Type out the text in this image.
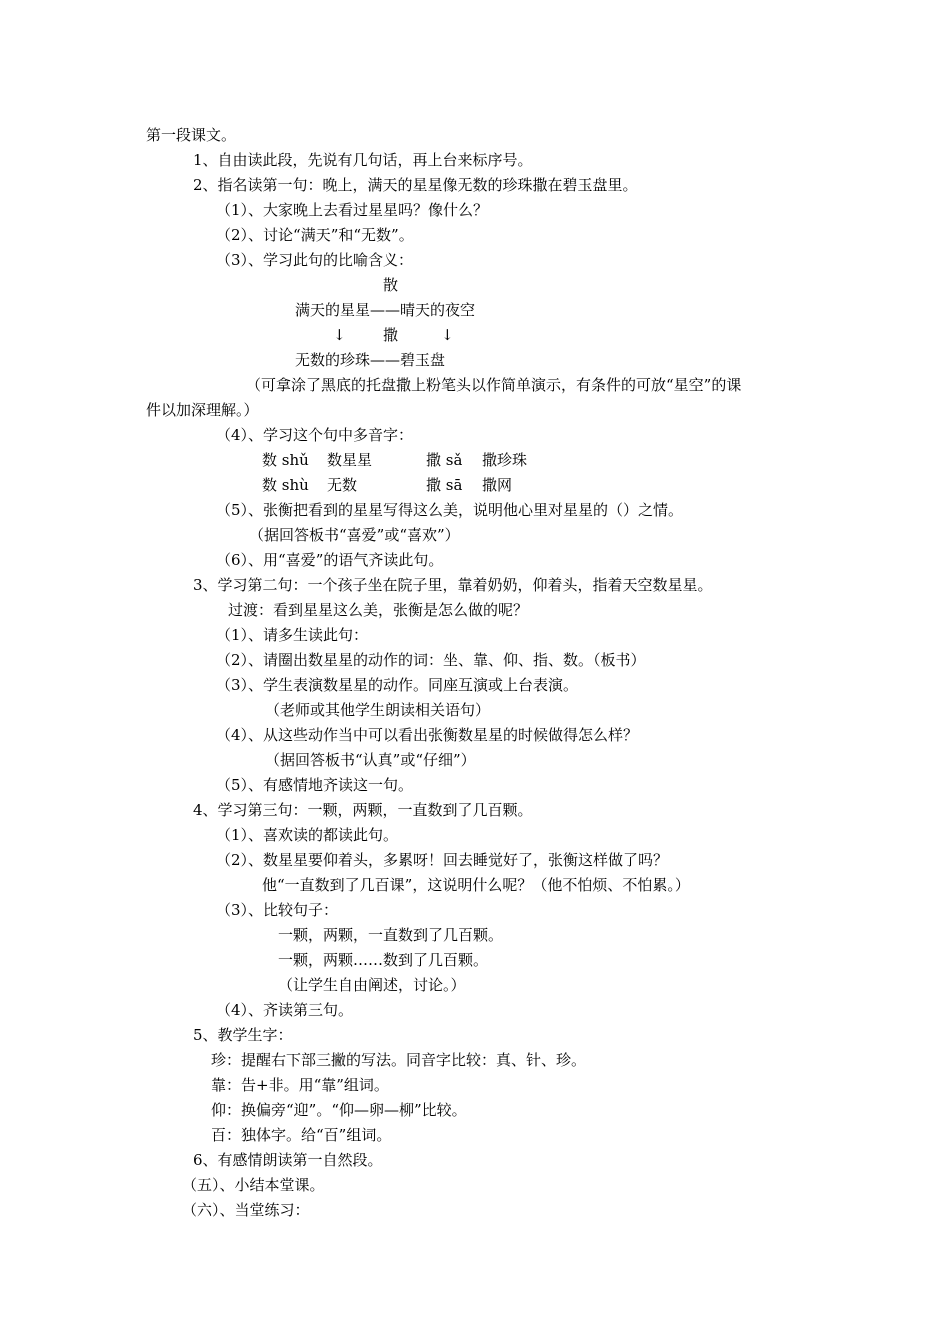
第一段课文。
1、自由读此段，先说有几句话，再上台来标序号。
2、指名读第一句：晚上，满天的星星像无数的珍珠撒在碧玉盘里。
（1）、大家晚上去看过星星吗？像什么？
（2）、讨论“满天”和“无数”。
（3）、学习此句的比喻含义：
散
满天的星星——晴天的夜空
↓ 撒	↓
无数的珍珠——碧玉盘
（可拿涂了黑底的托盘撒上粉笔头以作简单演示，有条件的可放“星空”的课
件以加深理解。）
（4）、学习这个句中多音字：
数 shǔ 数星星	撒 sǎ 撒珍珠
数 shù 无数	撒 sā 撒网
（5）、张衡把看到的星星写得这么美，说明他心里对星星的（）之情。
（据回答板书“喜爱”或“喜欢”）
（6）、用“喜爱”的语气齐读此句。
3、学习第二句：一个孩子坐在院子里，靠着奶奶，仰着头，指着天空数星星。
过渡：看到星星这么美，张衡是怎么做的呢？
（1）、请多生读此句：
（2）、请圈出数星星的动作的词：坐、靠、仰、指、数。（板书）
（3）、学生表演数星星的动作。同座互演或上台表演。
（老师或其他学生朗读相关语句）
（4）、从这些动作当中可以看出张衡数星星的时候做得怎么样？
（据回答板书“认真”或“仔细”）
（5）、有感情地齐读这一句。
4、学习第三句：一颗，两颗，一直数到了几百颗。
（1）、喜欢读的都读此句。
（2）、数星星要仰着头，多累呀！回去睡觉好了，张衡这样做了吗？
他“一直数到了几百课”，这说明什么呢？（他不怕烦、不怕累。）
（3）、比较句子：
一颗，两颗，一直数到了几百颗。
一颗，两颗……数到了几百颗。
（让学生自由阐述，讨论。）
（4）、齐读第三句。
5、教学生字：
珍：提醒右下部三撇的写法。同音字比较：真、针、珍。
靠：告+非。用“靠”组词。
仰：换偏旁“迎”。“仰—卵—柳”比较。
百：独体字。给“百”组词。
6、有感情朗读第一自然段。
（五）、小结本堂课。
（六）、当堂练习：
